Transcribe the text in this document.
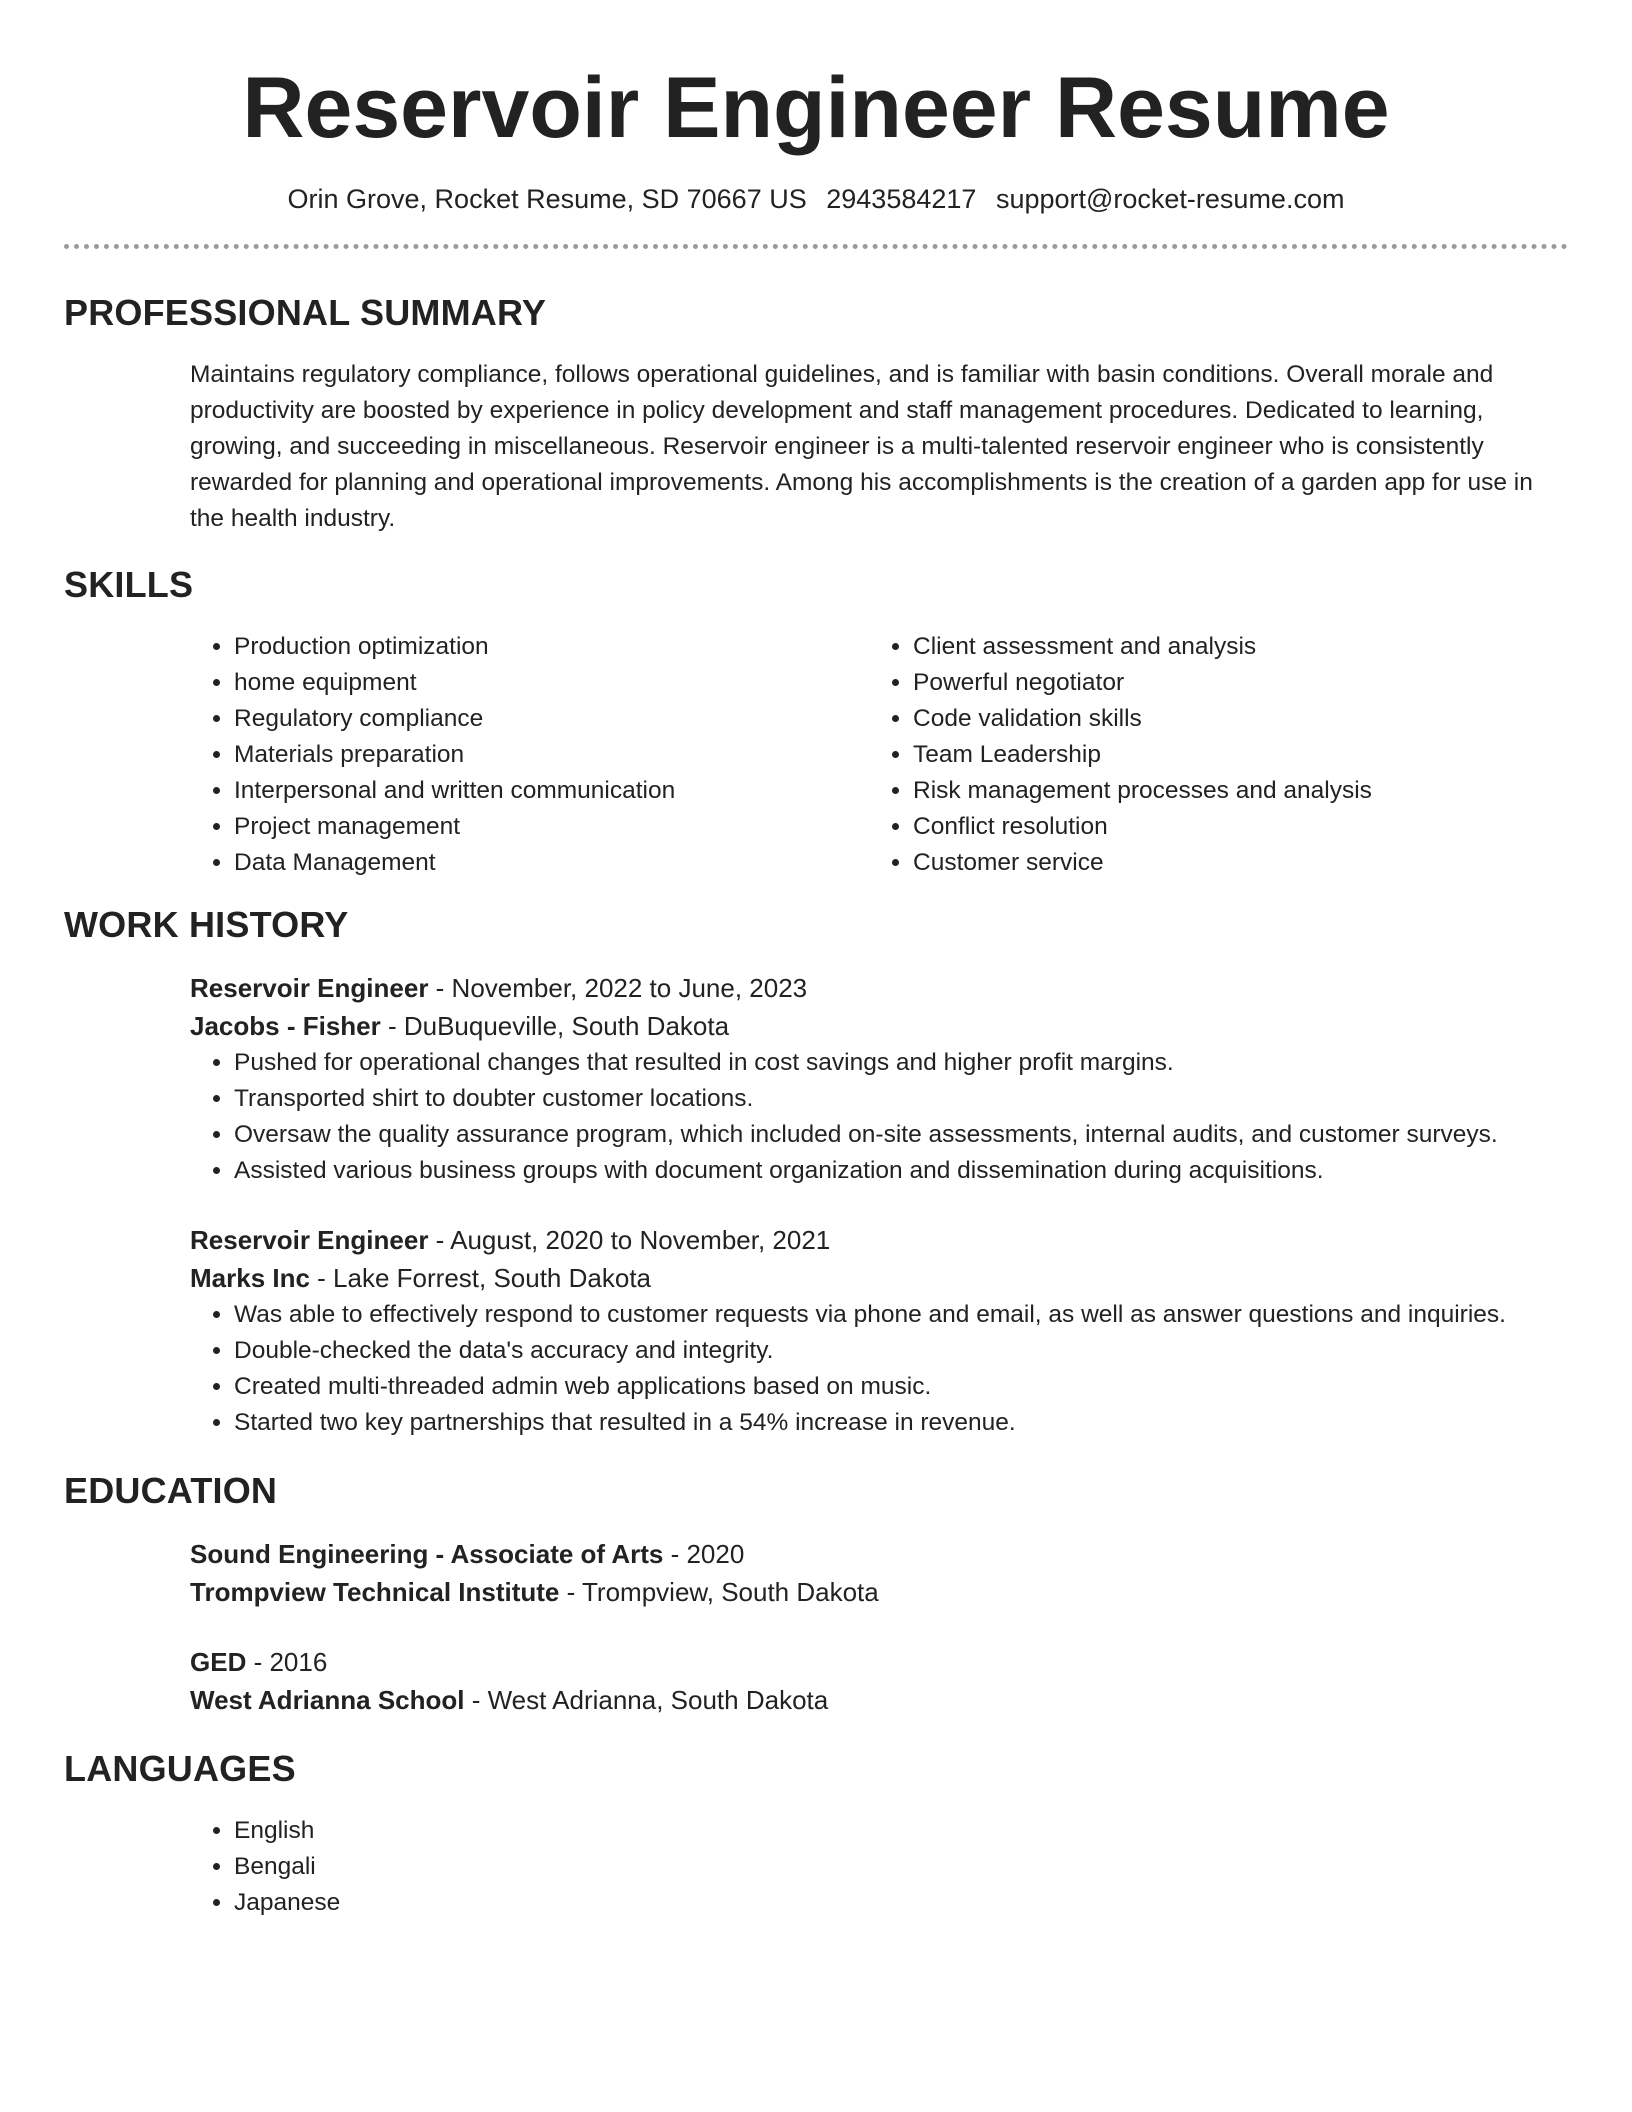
Reservoir Engineer Resume
Orin Grove, Rocket Resume, SD 70667 US 2943584217 support@rocket-resume.com
PROFESSIONAL SUMMARY
Maintains regulatory compliance, follows operational guidelines, and is familiar with basin conditions. Overall morale and productivity are boosted by experience in policy development and staff management procedures. Dedicated to learning, growing, and succeeding in miscellaneous. Reservoir engineer is a multi-talented reservoir engineer who is consistently rewarded for planning and operational improvements. Among his accomplishments is the creation of a garden app for use in the health industry.
SKILLS
• Production optimization
• home equipment
• Regulatory compliance
• Materials preparation
• Interpersonal and written communication
• Project management
• Data Management
• Client assessment and analysis
• Powerful negotiator
• Code validation skills
• Team Leadership
• Risk management processes and analysis
• Conflict resolution
• Customer service
WORK HISTORY
Reservoir Engineer - November, 2022 to June, 2023
Jacobs - Fisher - DuBuqueville, South Dakota
• Pushed for operational changes that resulted in cost savings and higher profit margins.
• Transported shirt to doubter customer locations.
• Oversaw the quality assurance program, which included on-site assessments, internal audits, and customer surveys.
• Assisted various business groups with document organization and dissemination during acquisitions.
Reservoir Engineer - August, 2020 to November, 2021
Marks Inc - Lake Forrest, South Dakota
• Was able to effectively respond to customer requests via phone and email, as well as answer questions and inquiries.
• Double-checked the data's accuracy and integrity.
• Created multi-threaded admin web applications based on music.
• Started two key partnerships that resulted in a 54% increase in revenue.
EDUCATION
Sound Engineering - Associate of Arts - 2020
Trompview Technical Institute - Trompview, South Dakota
GED - 2016
West Adrianna School - West Adrianna, South Dakota
LANGUAGES
• English
• Bengali
• Japanese
